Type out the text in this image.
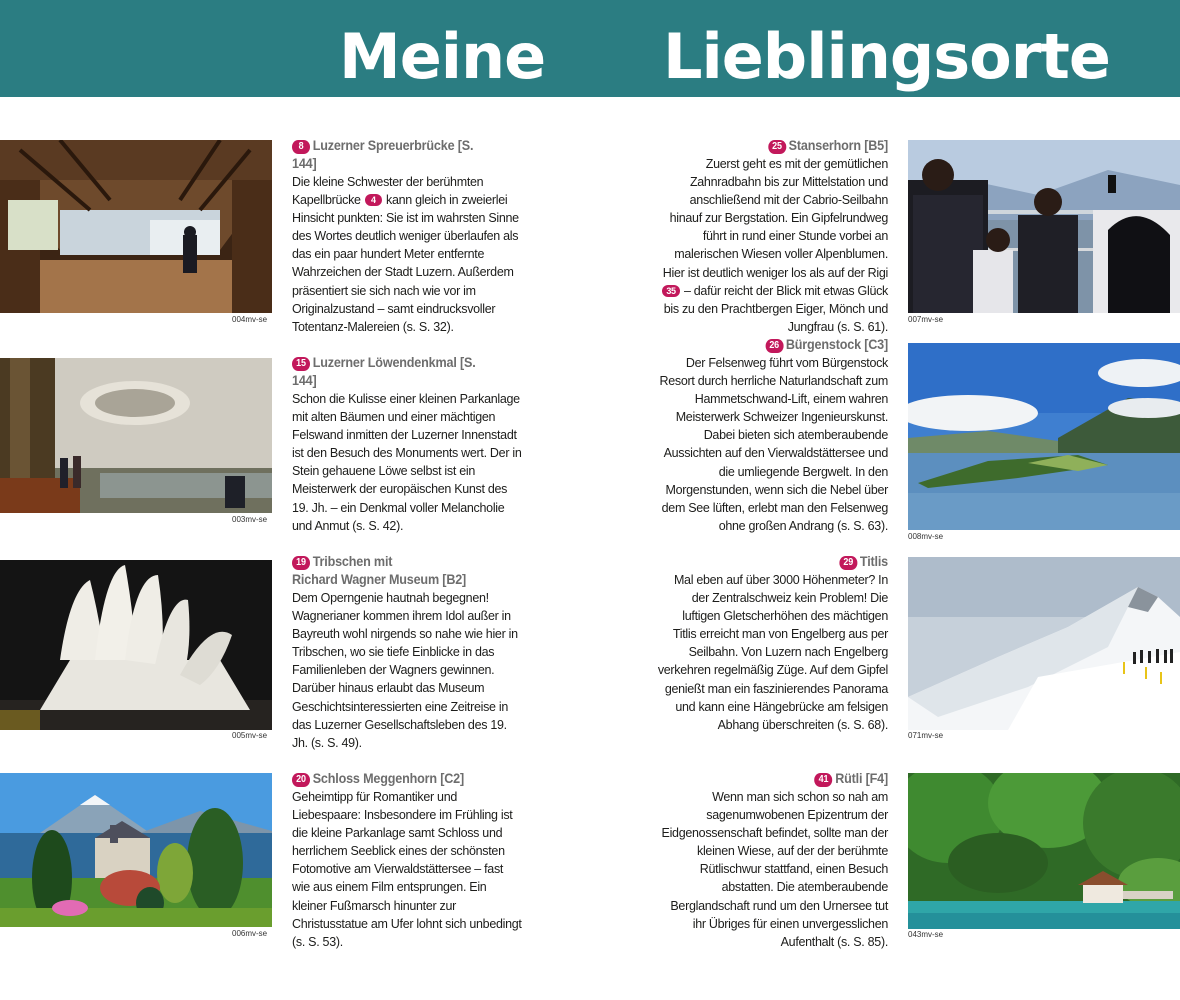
Meine Lieblingsorte
004mv-se
8 Luzerner Spreuerbrücke [S. 144]

Die kleine Schwester der berühmten Kapellbrücke 4 kann gleich in zweierlei Hinsicht punkten: Sie ist im wahrsten Sinne des Wortes deutlich weniger überlaufen als das ein paar hundert Meter entfernte Wahrzeichen der Stadt Luzern. Außerdem präsentiert sie sich nach wie vor im Originalzustand – samt eindrucksvoller Totentanz-Malereien (s. S. 32).

003mv-se
15 Luzerner Löwendenkmal [S. 144]

Schon die Kulisse einer kleinen Parkanlage mit alten Bäumen und einer mächtigen Felswand inmitten der Luzerner Innenstadt ist den Besuch des Monuments wert. Der in Stein gehauene Löwe selbst ist ein Meisterwerk der europäischen Kunst des 19. Jh. – ein Denkmal voller Melancholie und Anmut (s. S. 42).

005mv-se
19 Tribschen mit
Richard Wagner Museum [B2]

Dem Operngenie hautnah begegnen! Wagnerianer kommen ihrem Idol außer in Bayreuth wohl nirgends so nahe wie hier in Tribschen, wo sie tiefe Einblicke in das Familienleben der Wagners gewinnen. Darüber hinaus erlaubt das Museum Geschichtsinteressierten eine Zeitreise in das Luzerner Gesellschaftsleben des 19. Jh. (s. S. 49).

006mv-se
20 Schloss Meggenhorn [C2]

Geheimtipp für Romantiker und Liebespaare: Insbesondere im Frühling ist die kleine Parkanlage samt Schloss und herrlichem Seeblick eines der schönsten Fotomotive am Vierwaldstättersee – fast wie aus einem Film entsprungen. Ein kleiner Fußmarsch hinunter zur Christusstatue am Ufer lohnt sich unbedingt (s. S. 53).

25 Stanserhorn [B5]

Zuerst geht es mit der gemütlichen Zahnradbahn bis zur Mittelstation und anschließend mit der Cabrio-Seilbahn hinauf zur Bergstation. Ein Gipfelrundweg führt in rund einer Stunde vorbei an malerischen Wiesen voller Alpenblumen. Hier ist deutlich weniger los als auf der Rigi 35 – dafür reicht der Blick mit etwas Glück bis zu den Prachtbergen Eiger, Mönch und Jungfrau (s. S. 61).

007mv-se
26 Bürgenstock [C3]

Der Felsenweg führt vom Bürgenstock Resort durch herrliche Naturlandschaft zum Hammetschwand-Lift, einem wahren Meisterwerk Schweizer Ingenieurskunst. Dabei bieten sich atemberaubende Aussichten auf den Vierwaldstättersee und die umliegende Bergwelt. In den Morgenstunden, wenn sich die Nebel über dem See lüften, erlebt man den Felsenweg ohne großen Andrang (s. S. 63).

008mv-se
29 Titlis

Mal eben auf über 3000 Höhenmeter? In der Zentralschweiz kein Problem! Die luftigen Gletscherhöhen des mächtigen Titlis erreicht man von Engelberg aus per Seilbahn. Von Luzern nach Engelberg verkehren regelmäßig Züge. Auf dem Gipfel genießt man ein faszinierendes Panorama und kann eine Hängebrücke am felsigen Abhang überschreiten (s. S. 68).

071mv-se
41 Rütli [F4]

Wenn man sich schon so nah am sagenumwobenen Epizentrum der Eidgenossenschaft befindet, sollte man der kleinen Wiese, auf der der berühmte Rütlischwur stattfand, einen Besuch abstatten. Die atemberaubende Berglandschaft rund um den Urnersee tut ihr Übriges für einen unvergesslichen Aufenthalt (s. S. 85).

043mv-se
